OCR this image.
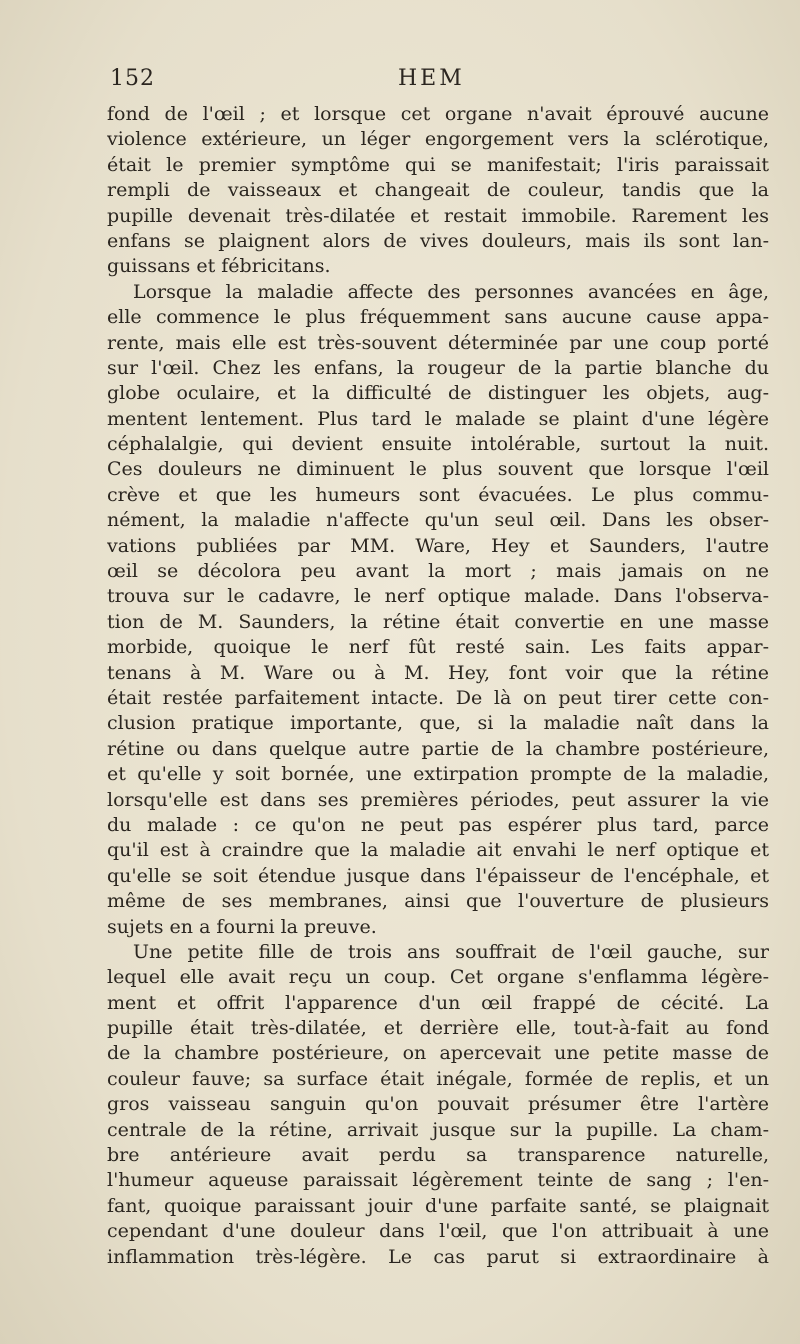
152	HEM
fond de l'œil ; et lorsque cet organe n'avait éprouvé aucune
violence extérieure, un léger engorgement vers la sclérotique,
était le premier symptôme qui se manifestait; l'iris paraissait
rempli de vaisseaux et changeait de couleur, tandis que la
pupille devenait très-dilatée et restait immobile. Rarement les
enfans se plaignent alors de vives douleurs, mais ils sont lan-
guissans et fébricitans.
Lorsque la maladie affecte des personnes avancées en âge,
elle commence le plus fréquemment sans aucune cause appa-
rente, mais elle est très-souvent déterminée par une coup porté
sur l'œil. Chez les enfans, la rougeur de la partie blanche du
globe oculaire, et la difficulté de distinguer les objets, aug-
mentent lentement. Plus tard le malade se plaint d'une légère
céphalalgie, qui devient ensuite intolérable, surtout la nuit.
Ces douleurs ne diminuent le plus souvent que lorsque l'œil
crève et que les humeurs sont évacuées. Le plus commu-
nément, la maladie n'affecte qu'un seul œil. Dans les obser-
vations publiées par MM. Ware, Hey et Saunders, l'autre
œil se décolora peu avant la mort ; mais jamais on ne
trouva sur le cadavre, le nerf optique malade. Dans l'observa-
tion de M. Saunders, la rétine était convertie en une masse
morbide, quoique le nerf fût resté sain. Les faits appar-
tenans à M. Ware ou à M. Hey, font voir que la rétine
était restée parfaitement intacte. De là on peut tirer cette con-
clusion pratique importante, que, si la maladie naît dans la
rétine ou dans quelque autre partie de la chambre postérieure,
et qu'elle y soit bornée, une extirpation prompte de la maladie,
lorsqu'elle est dans ses premières périodes, peut assurer la vie
du malade : ce qu'on ne peut pas espérer plus tard, parce
qu'il est à craindre que la maladie ait envahi le nerf optique et
qu'elle se soit étendue jusque dans l'épaisseur de l'encéphale, et
même de ses membranes, ainsi que l'ouverture de plusieurs
sujets en a fourni la preuve.
Une petite fille de trois ans souffrait de l'œil gauche, sur
lequel elle avait reçu un coup. Cet organe s'enflamma légère-
ment et offrit l'apparence d'un œil frappé de cécité. La
pupille était très-dilatée, et derrière elle, tout-à-fait au fond
de la chambre postérieure, on apercevait une petite masse de
couleur fauve; sa surface était inégale, formée de replis, et un
gros vaisseau sanguin qu'on pouvait présumer être l'artère
centrale de la rétine, arrivait jusque sur la pupille. La cham-
bre antérieure avait perdu sa transparence naturelle,
l'humeur aqueuse paraissait légèrement teinte de sang ; l'en-
fant, quoique paraissant jouir d'une parfaite santé, se plaignait
cependant d'une douleur dans l'œil, que l'on attribuait à une
inflammation très-légère. Le cas parut si extraordinaire à
